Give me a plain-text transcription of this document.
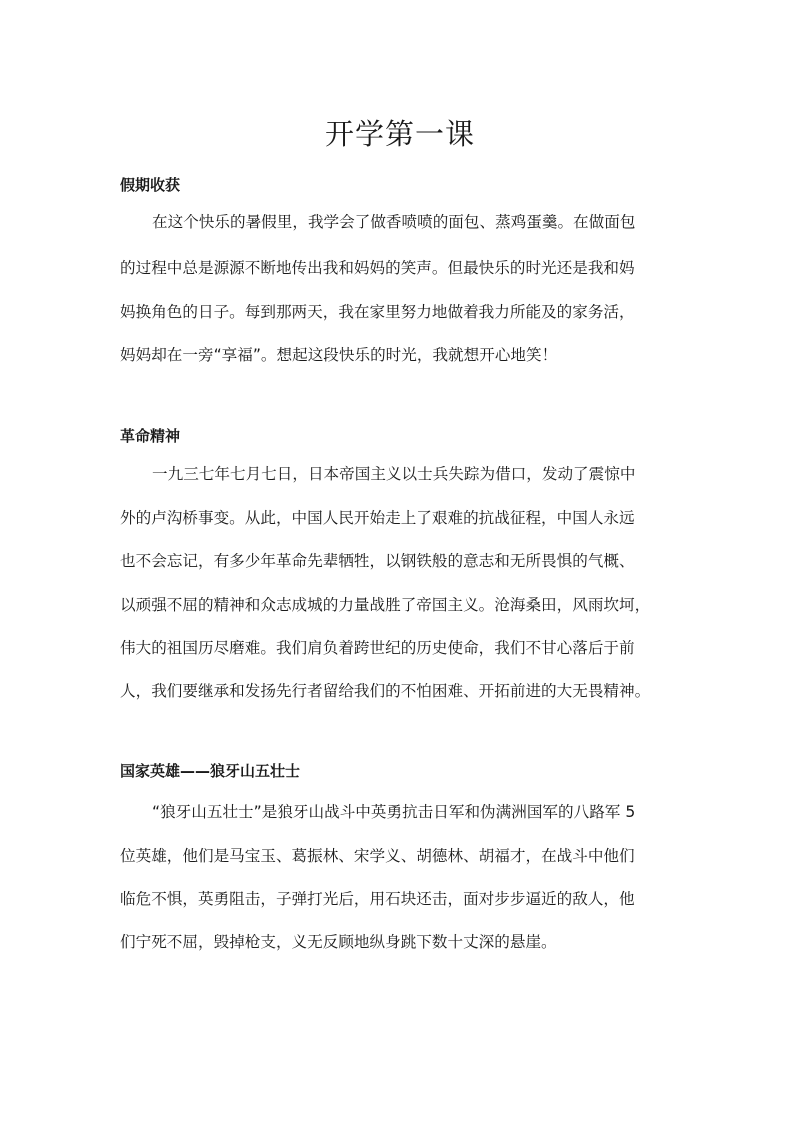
开学第一课
假期收获

在这个快乐的暑假里，我学会了做香喷喷的面包、蒸鸡蛋羹。在做面包

的过程中总是源源不断地传出我和妈妈的笑声。但最快乐的时光还是我和妈

妈换角色的日子。每到那两天，我在家里努力地做着我力所能及的家务活，

妈妈却在一旁“享福”。想起这段快乐的时光，我就想开心地笑！

革命精神

一九三七年七月七日，日本帝国主义以士兵失踪为借口，发动了震惊中

外的卢沟桥事变。从此，中国人民开始走上了艰难的抗战征程，中国人永远

也不会忘记，有多少年革命先辈牺牲，以钢铁般的意志和无所畏惧的气概、

以顽强不屈的精神和众志成城的力量战胜了帝国主义。沧海桑田，风雨坎坷，

伟大的祖国历尽磨难。我们肩负着跨世纪的历史使命，我们不甘心落后于前

人，我们要继承和发扬先行者留给我们的不怕困难、开拓前进的大无畏精神。

国家英雄——狼牙山五壮士

“狼牙山五壮士”是狼牙山战斗中英勇抗击日军和伪满洲国军的八路军 5

位英雄，他们是马宝玉、葛振林、宋学义、胡德林、胡福才，在战斗中他们

临危不惧，英勇阻击，子弹打光后，用石块还击，面对步步逼近的敌人，他

们宁死不屈，毁掉枪支，义无反顾地纵身跳下数十丈深的悬崖。
